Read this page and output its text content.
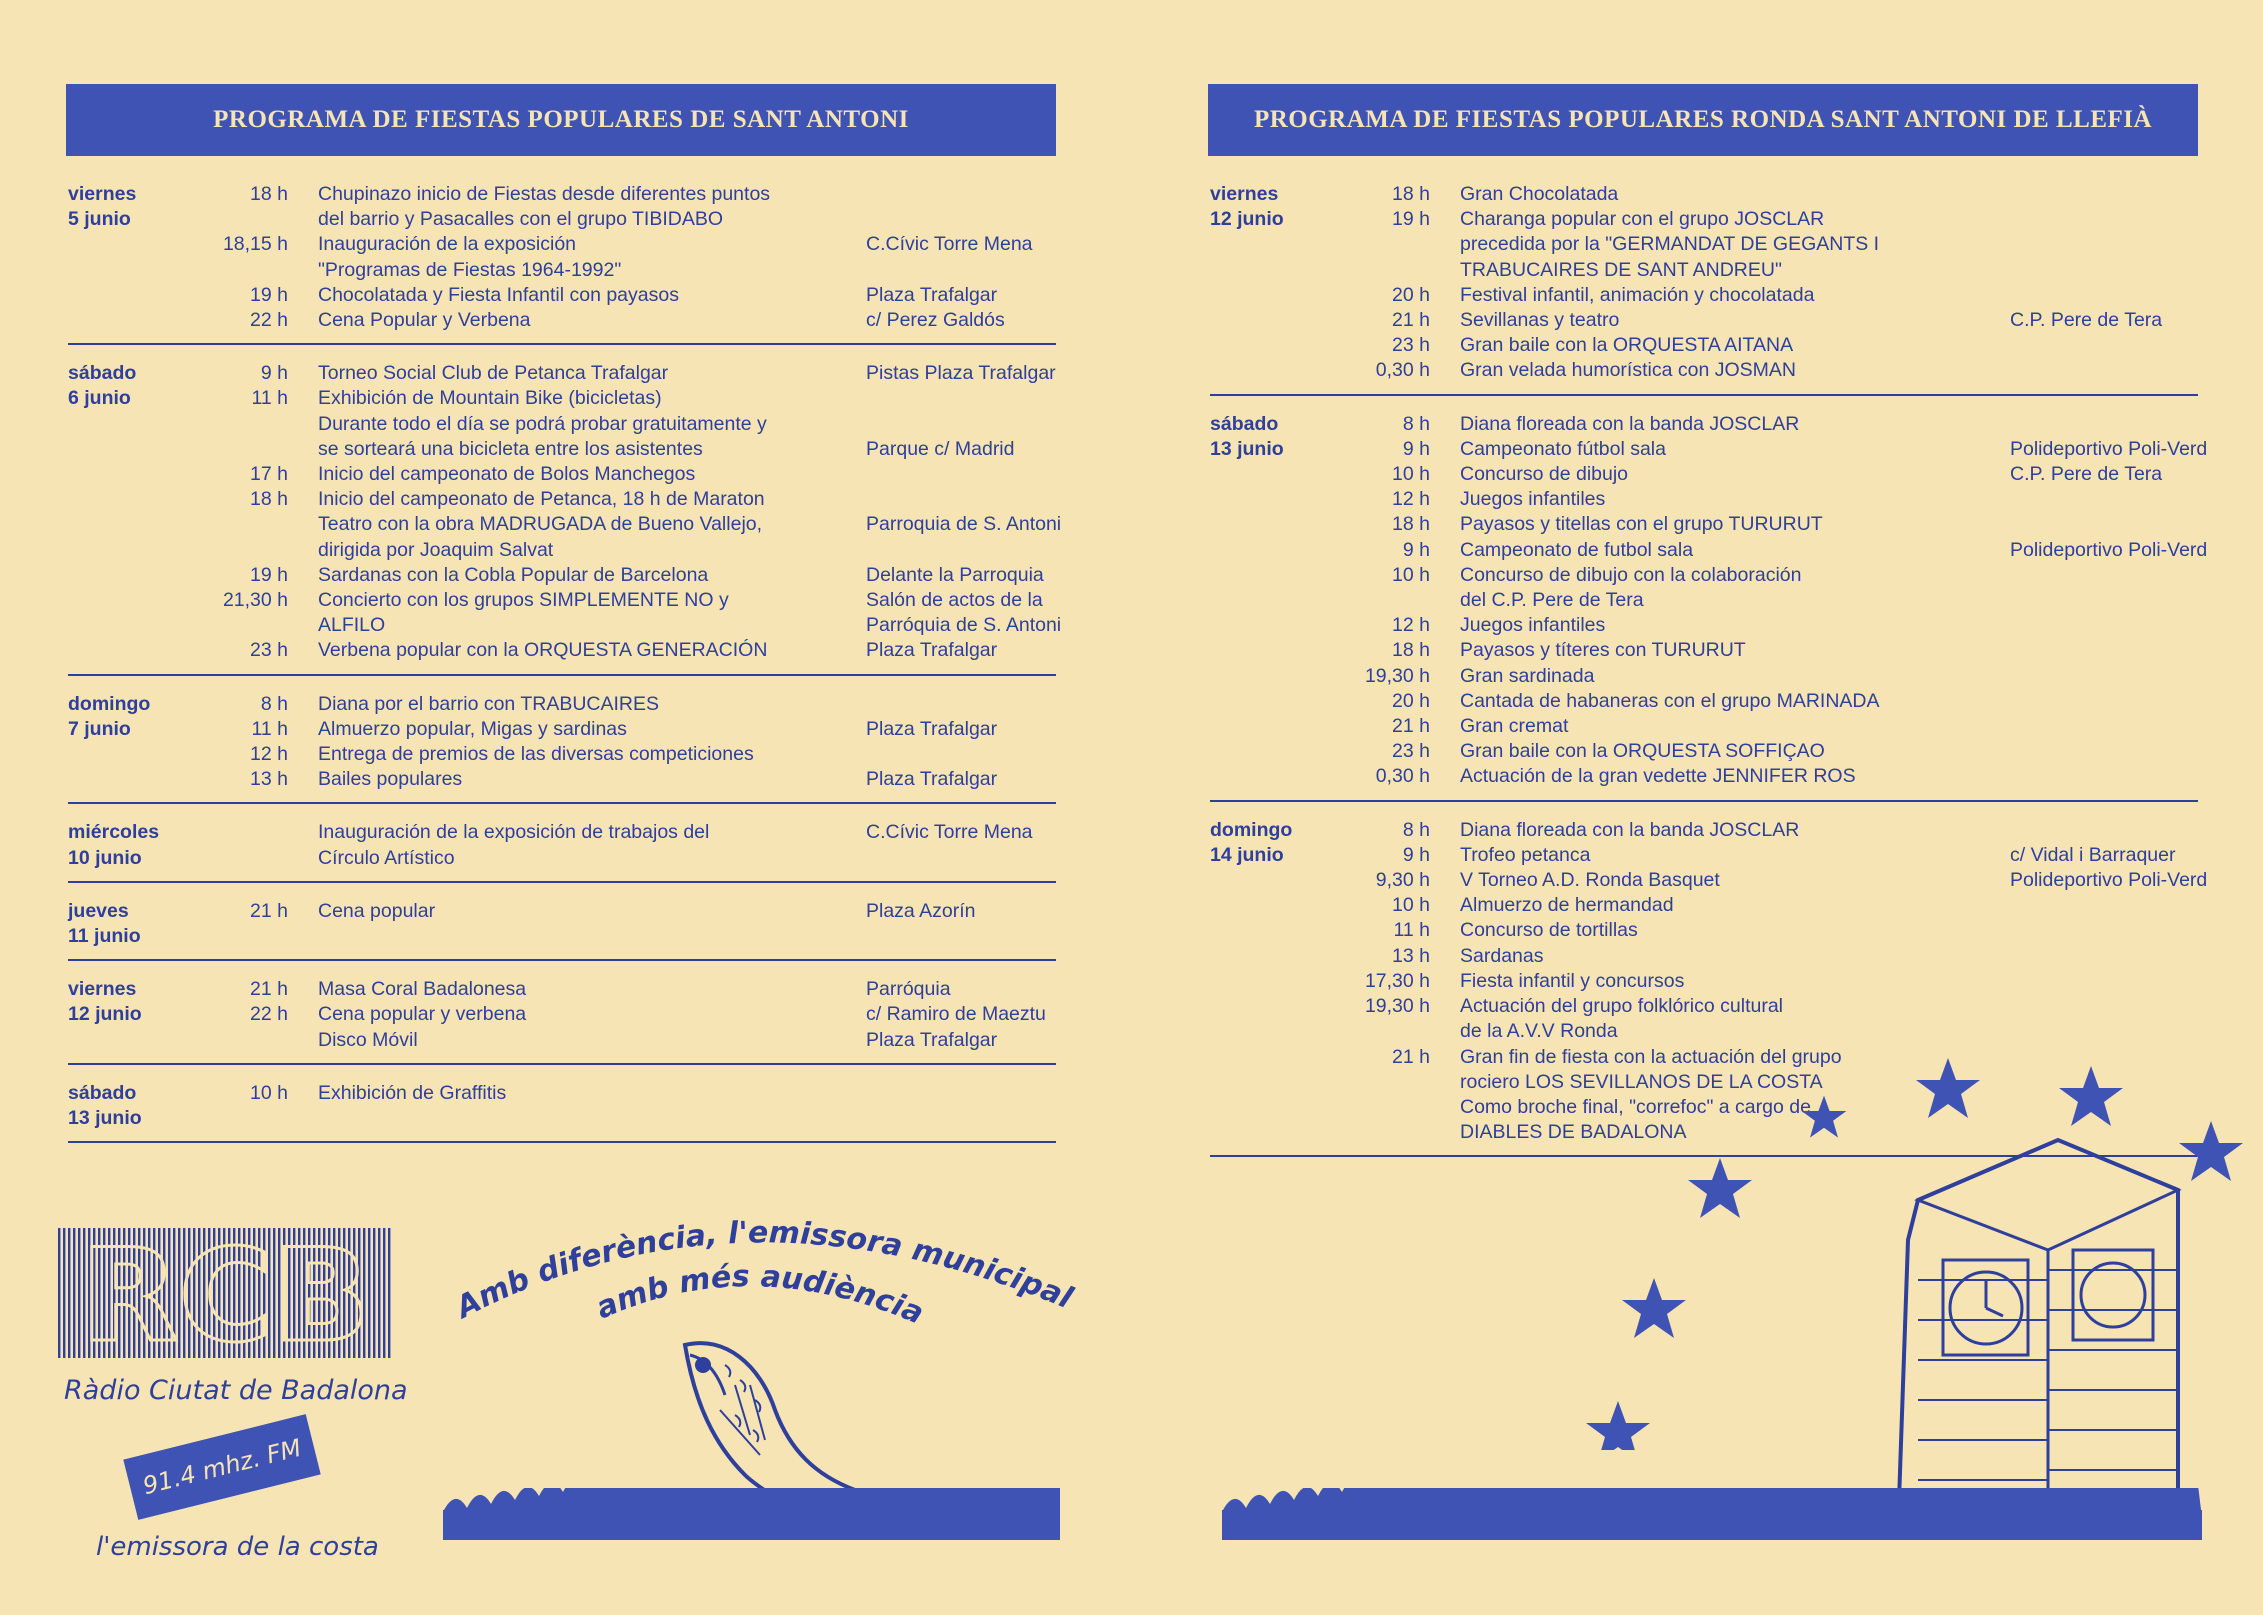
PROGRAMA DE FIESTAS POPULARES DE SANT ANTONI
viernes	18 h	Chupinazo inicio de Fiestas desde diferentes puntos
5 junio	del barrio y Pasacalles con el grupo TIBIDABO
18,15 h	Inauguración de la exposición	C.Cívic Torre Mena
"Programas de Fiestas 1964-1992"
19 h	Chocolatada y Fiesta Infantil con payasos	Plaza Trafalgar
22 h	Cena Popular y Verbena	c/ Perez Galdós
sábado	9 h	Torneo Social Club de Petanca Trafalgar	Pistas Plaza Trafalgar
6 junio	11 h	Exhibición de Mountain Bike (bicicletas)
Durante todo el día se podrá probar gratuitamente y
se sorteará una bicicleta entre los asistentes	Parque c/ Madrid
17 h	Inicio del campeonato de Bolos Manchegos
18 h	Inicio del campeonato de Petanca, 18 h de Maraton
Teatro con la obra MADRUGADA de Bueno Vallejo,	Parroquia de S. Antoni
dirigida por Joaquim Salvat
19 h	Sardanas con la Cobla Popular de Barcelona	Delante la Parroquia
21,30 h	Concierto con los grupos SIMPLEMENTE NO y	Salón de actos de la
ALFILO	Parróquia de S. Antoni
23 h	Verbena popular con la ORQUESTA GENERACIÓN	Plaza Trafalgar
domingo	8 h	Diana por el barrio con TRABUCAIRES
7 junio	11 h	Almuerzo popular, Migas y sardinas	Plaza Trafalgar
12 h	Entrega de premios de las diversas competiciones
13 h	Bailes populares	Plaza Trafalgar
miércoles	Inauguración de la exposición de trabajos del	C.Cívic Torre Mena
10 junio	Círculo Artístico
jueves	21 h	Cena popular	Plaza Azorín
11 junio
viernes	21 h	Masa Coral Badalonesa	Parróquia
12 junio	22 h	Cena popular y verbena	c/ Ramiro de Maeztu
Disco Móvil	Plaza Trafalgar
sábado	10 h	Exhibición de Graffitis
13 junio
PROGRAMA DE FIESTAS POPULARES RONDA SANT ANTONI DE LLEFIÀ
viernes	18 h	Gran Chocolatada
12 junio	19 h	Charanga popular con el grupo JOSCLAR
precedida por la "GERMANDAT DE GEGANTS I
TRABUCAIRES DE SANT ANDREU"
20 h	Festival infantil, animación y chocolatada
21 h	Sevillanas y teatro	C.P. Pere de Tera
23 h	Gran baile con la ORQUESTA AITANA
0,30 h	Gran velada humorística con JOSMAN
sábado	8 h	Diana floreada con la banda JOSCLAR
13 junio	9 h	Campeonato fútbol sala	Polideportivo Poli-Verd
10 h	Concurso de dibujo	C.P. Pere de Tera
12 h	Juegos infantiles
18 h	Payasos y titellas con el grupo TURURUT
9 h	Campeonato de futbol sala	Polideportivo Poli-Verd
10 h	Concurso de dibujo con la colaboración
del C.P. Pere de Tera
12 h	Juegos infantiles
18 h	Payasos y títeres con TURURUT
19,30 h	Gran sardinada
20 h	Cantada de habaneras con el grupo MARINADA
21 h	Gran cremat
23 h	Gran baile con la ORQUESTA SOFFIÇAO
0,30 h	Actuación de la gran vedette JENNIFER ROS
domingo	8 h	Diana floreada con la banda JOSCLAR
14 junio	9 h	Trofeo petanca	c/ Vidal i Barraquer
9,30 h	V Torneo A.D. Ronda Basquet	Polideportivo Poli-Verd
10 h	Almuerzo de hermandad
11 h	Concurso de tortillas
13 h	Sardanas
17,30 h	Fiesta infantil y concursos
19,30 h	Actuación del grupo folklórico cultural
de la A.V.V Ronda
21 h	Gran fin de fiesta con la actuación del grupo
rociero LOS SEVILLANOS DE LA COSTA
Como broche final, "correfoc" a cargo de
DIABLES DE BADALONA
RCB
Ràdio Ciutat de Badalona
91.4 mhz. FM
l'emissora de la costa
Amb diferència, l'emissora municipal
amb més audiència
